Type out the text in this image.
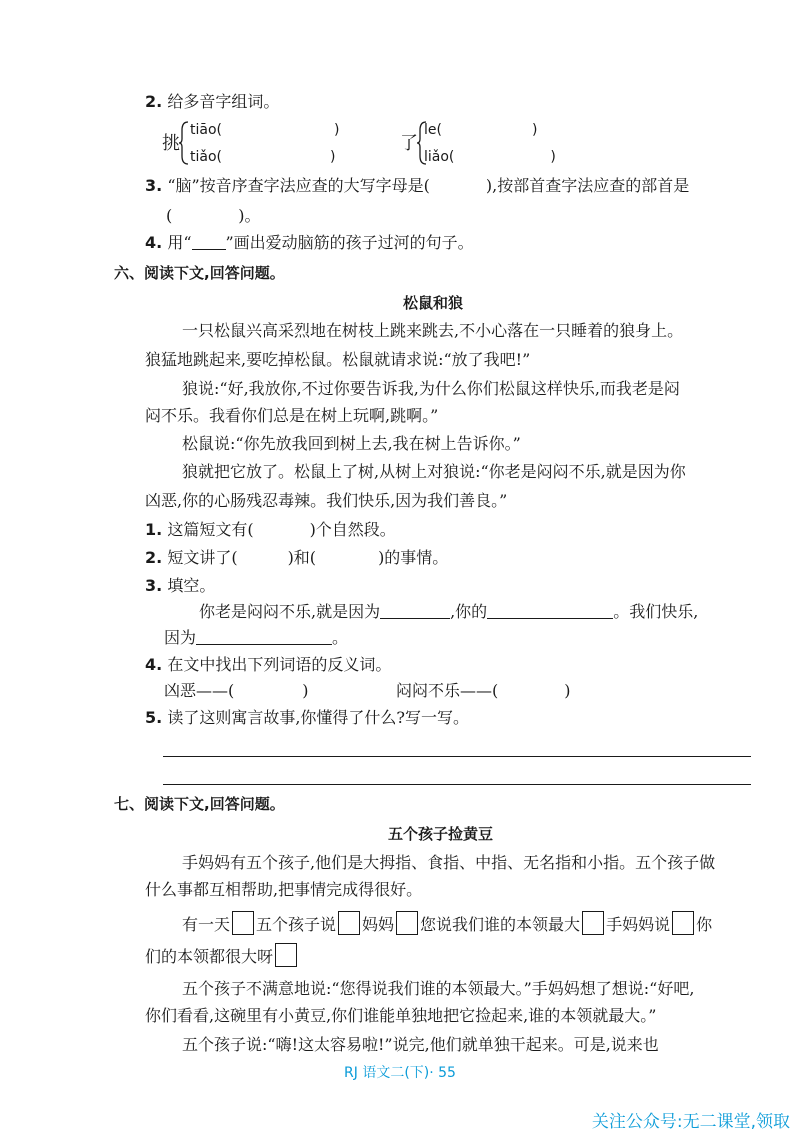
2. 给多音字组词。
挑
tiāo(	)
tiǎo(	)
了
le(	)
liǎo(	)
3. “脑”按音序查字法应查的大写字母是(	),按部首查字法应查的部首是
(	)。
4. 用“ ”画出爱动脑筋的孩子过河的句子。
六、阅读下文,回答问题。
松鼠和狼
一只松鼠兴高采烈地在树枝上跳来跳去,不小心落在一只睡着的狼身上。
狼猛地跳起来,要吃掉松鼠。松鼠就请求说:“放了我吧!”
狼说:“好,我放你,不过你要告诉我,为什么你们松鼠这样快乐,而我老是闷
闷不乐。我看你们总是在树上玩啊,跳啊。”
松鼠说:“你先放我回到树上去,我在树上告诉你。”
狼就把它放了。松鼠上了树,从树上对狼说:“你老是闷闷不乐,就是因为你
凶恶,你的心肠残忍毒辣。我们快乐,因为我们善良。”
1. 这篇短文有(	)个自然段。
2. 短文讲了(	)和(	)的事情。
3. 填空。
你老是闷闷不乐,就是因为	,你的	。我们快乐,
因为	。
4. 在文中找出下列词语的反义词。
凶恶——(	)	闷闷不乐——(	)
5. 读了这则寓言故事,你懂得了什么?写一写。
七、阅读下文,回答问题。
五个孩子捡黄豆
手妈妈有五个孩子,他们是大拇指、食指、中指、无名指和小指。五个孩子做
什么事都互相帮助,把事情完成得很好。
有一天 五个孩子说 妈妈 您说我们谁的本领最大 手妈妈说 你
们的本领都很大呀
五个孩子不满意地说:“您得说我们谁的本领最大。”手妈妈想了想说:“好吧,
你们看看,这碗里有小黄豆,你们谁能单独地把它捡起来,谁的本领就最大。”
五个孩子说:“嗨!这太容易啦!”说完,他们就单独干起来。可是,说来也
RJ 语文二(下)· 55
关注公众号:无二课堂,领取
